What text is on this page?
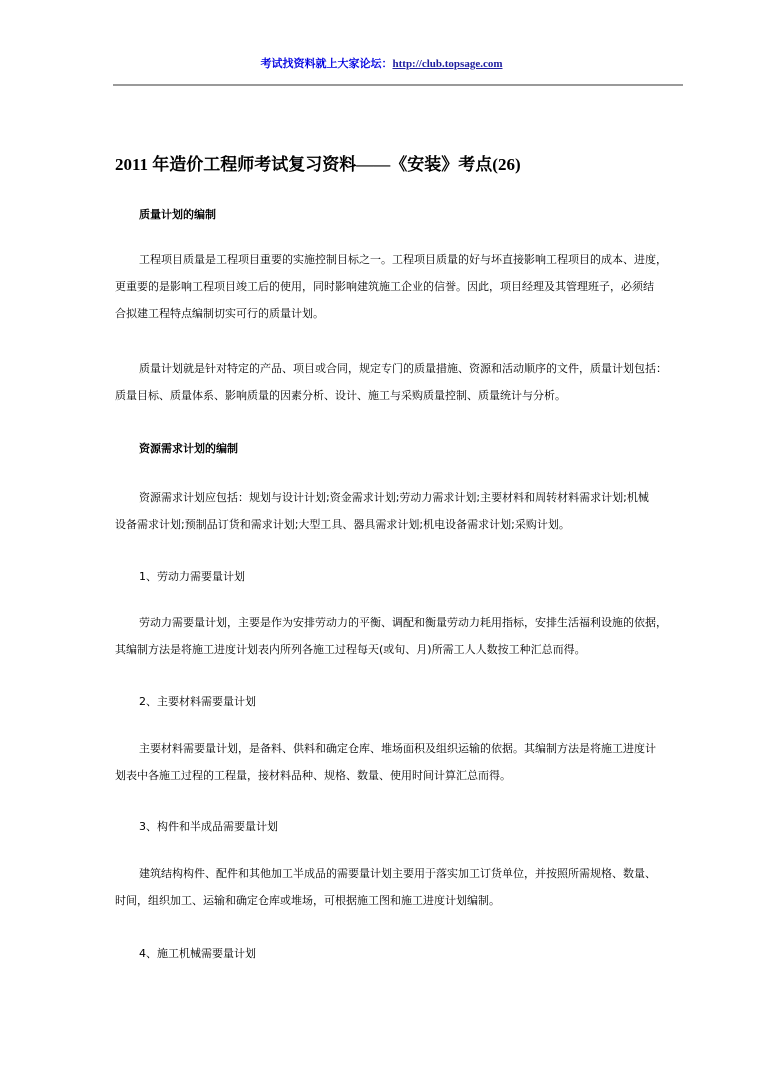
考试找资料就上大家论坛：http://club.topsage.com
2011 年造价工程师考试复习资料——《安装》考点(26)
质量计划的编制

工程项目质量是工程项目重要的实施控制目标之一。工程项目质量的好与坏直接影响工程项目的成本、进度，

更重要的是影响工程项目竣工后的使用，同时影响建筑施工企业的信誉。因此，项目经理及其管理班子，必须结

合拟建工程特点编制切实可行的质量计划。

质量计划就是针对特定的产品、项目或合同，规定专门的质量措施、资源和活动顺序的文件，质量计划包括：

质量目标、质量体系、影响质量的因素分析、设计、施工与采购质量控制、质量统计与分析。

资源需求计划的编制

资源需求计划应包括：规划与设计计划;资金需求计划;劳动力需求计划;主要材料和周转材料需求计划;机械

设备需求计划;预制品订货和需求计划;大型工具、器具需求计划;机电设备需求计划;采购计划。

1、劳动力需要量计划

劳动力需要量计划，主要是作为安排劳动力的平衡、调配和衡量劳动力耗用指标，安排生活福利设施的依据，

其编制方法是将施工进度计划表内所列各施工过程每天(或旬、月)所需工人人数按工种汇总而得。

2、主要材料需要量计划

主要材料需要量计划，是备料、供料和确定仓库、堆场面积及组织运输的依据。其编制方法是将施工进度计

划表中各施工过程的工程量，接材料品种、规格、数量、使用时间计算汇总而得。

3、构件和半成品需要量计划

建筑结构构件、配件和其他加工半成品的需要量计划主要用于落实加工订货单位，并按照所需规格、数量、

时间，组织加工、运输和确定仓库或堆场，可根据施工图和施工进度计划编制。

4、施工机械需要量计划
